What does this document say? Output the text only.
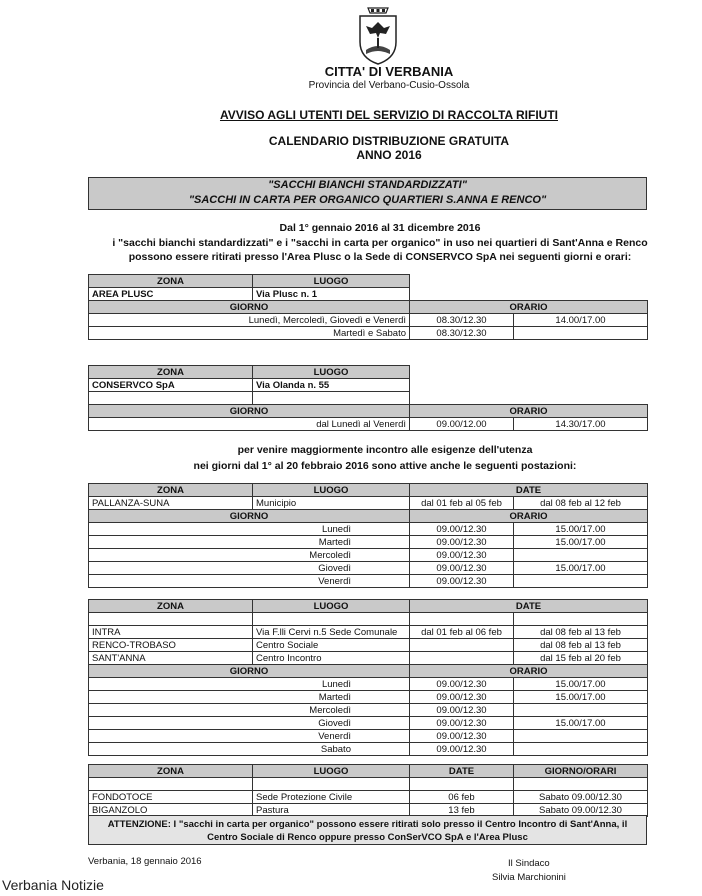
CITTA' DI VERBANIA
Provincia del Verbano-Cusio-Ossola
AVVISO AGLI UTENTI DEL SERVIZIO DI RACCOLTA RIFIUTI
CALENDARIO DISTRIBUZIONE GRATUITA
ANNO 2016
"SACCHI BIANCHI STANDARDIZZATI"
"SACCHI IN CARTA PER ORGANICO QUARTIERI S.ANNA E RENCO"
Dal 1° gennaio 2016 al 31 dicembre 2016
i "sacchi bianchi standardizzati" e i "sacchi in carta per organico" in uso nei quartieri di Sant'Anna e Renco
possono essere ritirati presso l'Area Plusc o la Sede di CONSERVCO SpA nei seguenti giorni e orari:
ZONA	LUOGO		
AREA PLUSC	Via Plusc n. 1		
GIORNO		ORARIO	
Lunedì, Mercoledì, Giovedì e Venerdì		08.30/12.30	14.00/17.00
Martedì e Sabato		08.30/12.30	
ZONA	LUOGO		
CONSERVCO SpA	Via Olanda n. 55		

GIORNO		ORARIO	
dal Lunedì al Venerdì		09.00/12.00	14.30/17.00
per venire maggiormente incontro alle esigenze dell'utenza
nei giorni dal 1° al 20 febbraio 2016 sono attive anche le seguenti postazioni:
ZONA	LUOGO	DATE	
PALLANZA-SUNA	Municipio	dal 01 feb al 05 feb	dal 08 feb al 12 feb
GIORNO		ORARIO	
Lunedì		09.00/12.30	15.00/17.00
Martedì		09.00/12.30	15.00/17.00
Mercoledì		09.00/12.30	
Giovedì		09.00/12.30	15.00/17.00
Venerdì		09.00/12.30	
ZONA	LUOGO	DATE	

INTRA	Via F.lli Cervi n.5 Sede Comunale	dal 01 feb al 06 feb	dal 08 feb al 13 feb
RENCO-TROBASO	Centro Sociale		dal 08 feb al 13 feb
SANT'ANNA	Centro Incontro		dal 15 feb al 20 feb
GIORNO		ORARIO	
Lunedì		09.00/12.30	15.00/17.00
Martedì		09.00/12.30	15.00/17.00
Mercoledì		09.00/12.30	
Giovedì		09.00/12.30	15.00/17.00
Venerdì		09.00/12.30	
Sabato		09.00/12.30	
ZONA	LUOGO	DATE	GIORNO/ORARI

FONDOTOCE	Sede Protezione Civile	06 feb	Sabato 09.00/12.30
BIGANZOLO	Pastura	13 feb	Sabato 09.00/12.30
ATTENZIONE: I "sacchi in carta per organico" possono essere ritirati solo presso il Centro Incontro di Sant'Anna, il
Centro Sociale di Renco oppure presso ConSerVCO SpA e l'Area Plusc
Verbania, 18 gennaio 2016	Il Sindaco
Silvia Marchionini
Verbania Notizie
